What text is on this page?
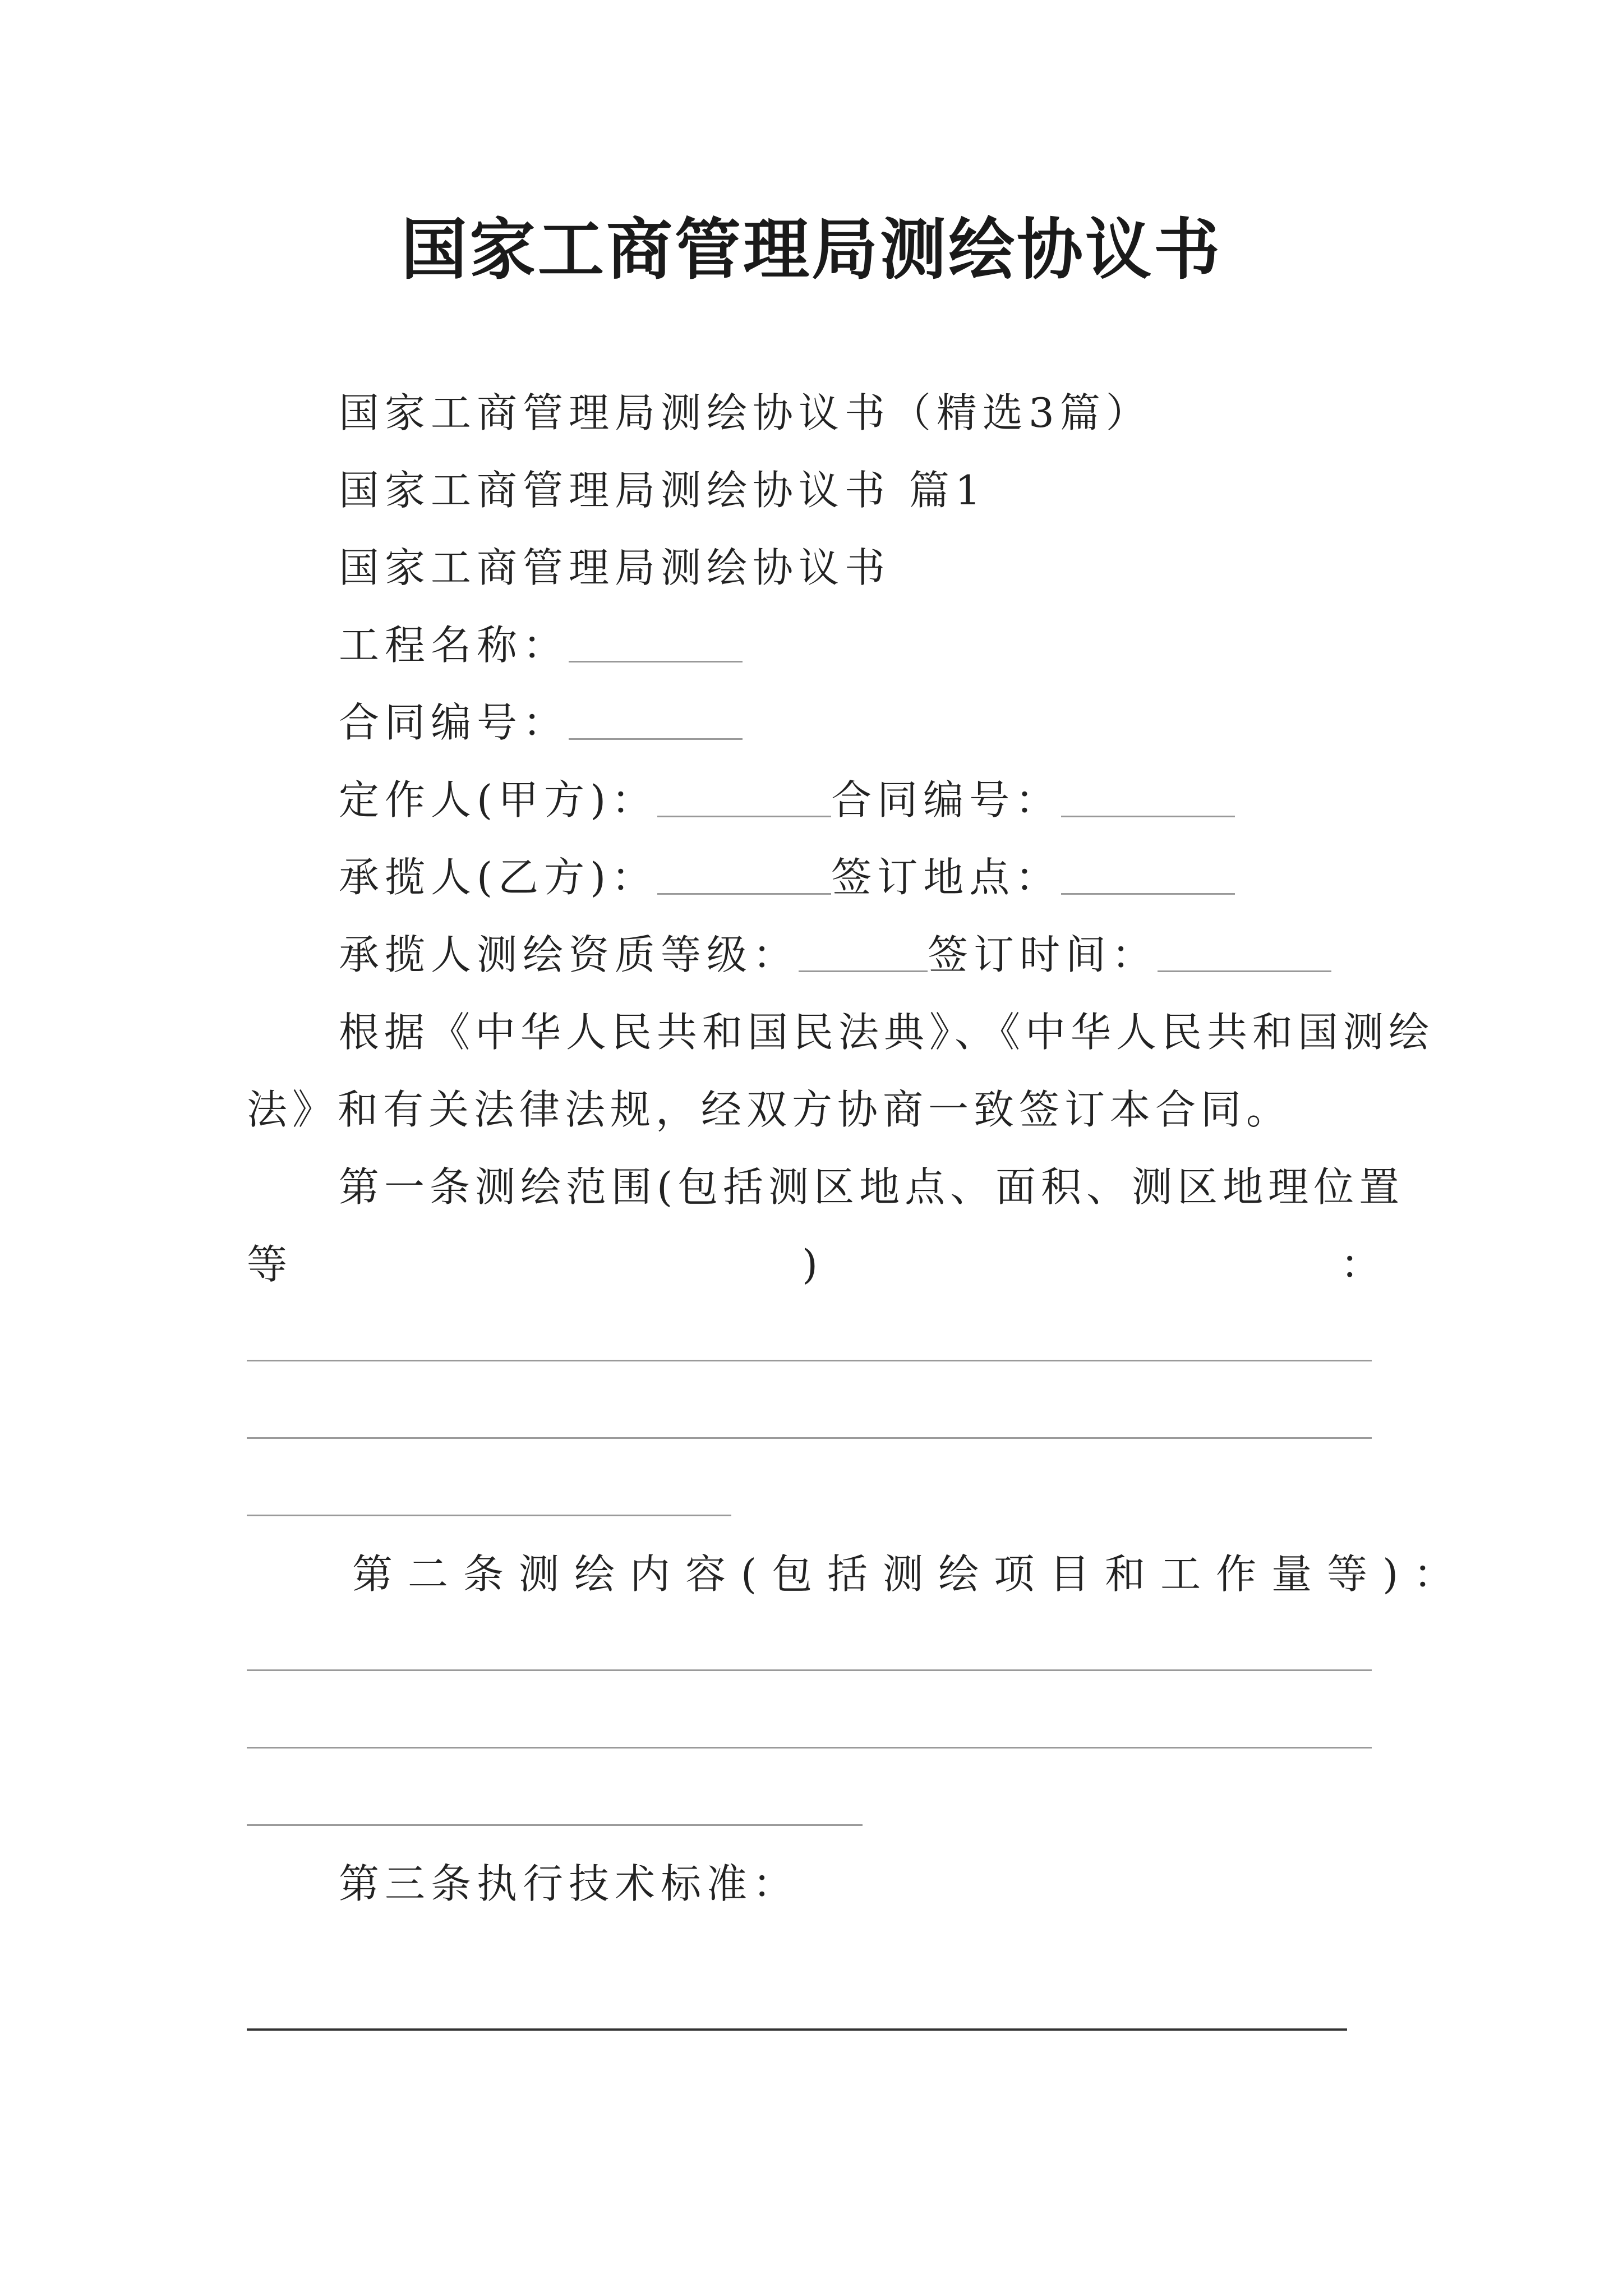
国家工商管理局测绘协议书
国家工商管理局测绘协议书（精选3篇）
国家工商管理局测绘协议书 篇1
国家工商管理局测绘协议书
工程名称：
合同编号：
定作人(甲方)：	合同编号：
承揽人(乙方)：	签订地点：
承揽人测绘资质等级：	签订时间：
根据《中华人民共和国民法典》、《中华人民共和国测绘
法》和有关法律法规，经双方协商一致签订本合同。
第一条测绘范围(包括测区地点、面积、测区地理位置
等	)	：
第二条测绘内容(包括测绘项目和工作量等)：
第三条执行技术标准：
